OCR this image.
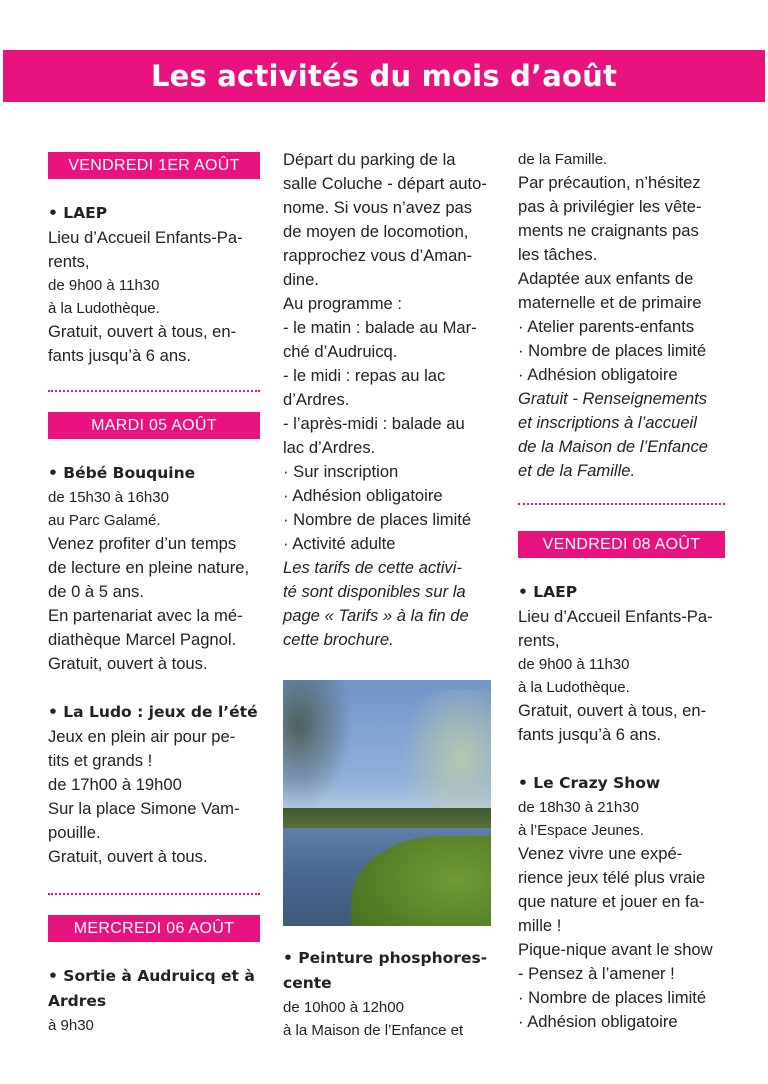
Les activités du mois d’août
VENDREDI 1ER AOÛT
• LAEP
Lieu d’Accueil Enfants-Pa-
rents,
de 9h00 à 11h30
à la Ludothèque.
Gratuit, ouvert à tous, en-
fants jusqu’à 6 ans.
MARDI 05 AOÛT
• Bébé Bouquine
de 15h30 à 16h30
au Parc Galamé.
Venez profiter d’un temps
de lecture en pleine nature,
de 0 à 5 ans.
En partenariat avec la mé-
diathèque Marcel Pagnol.
Gratuit, ouvert à tous.
• La Ludo : jeux de l’été
Jeux en plein air pour pe-
tits et grands !
de 17h00 à 19h00
Sur la place Simone Vam-
pouille.
Gratuit, ouvert à tous.
MERCREDI 06 AOÛT
• Sortie à Audruicq et à
Ardres
à 9h30
Départ du parking de la
salle Coluche - départ auto-
nome. Si vous n’avez pas
de moyen de locomotion,
rapprochez vous d’Aman-
dine.
Au programme :
- le matin : balade au Mar-
ché d’Audruicq.
- le midi : repas au lac
d’Ardres.
- l’après-midi : balade au
lac d’Ardres.
· Sur inscription
· Adhésion obligatoire
· Nombre de places limité
· Activité adulte
Les tarifs de cette activi-
té sont disponibles sur la
page « Tarifs » à la fin de
cette brochure.
• Peinture phosphores-
cente
de 10h00 à 12h00
à la Maison de l’Enfance et
de la Famille.
Par précaution, n’hésitez
pas à privilégier les vête-
ments ne craignants pas
les tâches.
Adaptée aux enfants de
maternelle et de primaire
· Atelier parents-enfants
· Nombre de places limité
· Adhésion obligatoire
Gratuit - Renseignements
et inscriptions à l’accueil
de la Maison de l’Enfance
et de la Famille.
VENDREDI 08 AOÛT
• LAEP
Lieu d’Accueil Enfants-Pa-
rents,
de 9h00 à 11h30
à la Ludothèque.
Gratuit, ouvert à tous, en-
fants jusqu’à 6 ans.
• Le Crazy Show
de 18h30 à 21h30
à l’Espace Jeunes.
Venez vivre une expé-
rience jeux télé plus vraie
que nature et jouer en fa-
mille !
Pique-nique avant le show
- Pensez à l’amener !
· Nombre de places limité
· Adhésion obligatoire
